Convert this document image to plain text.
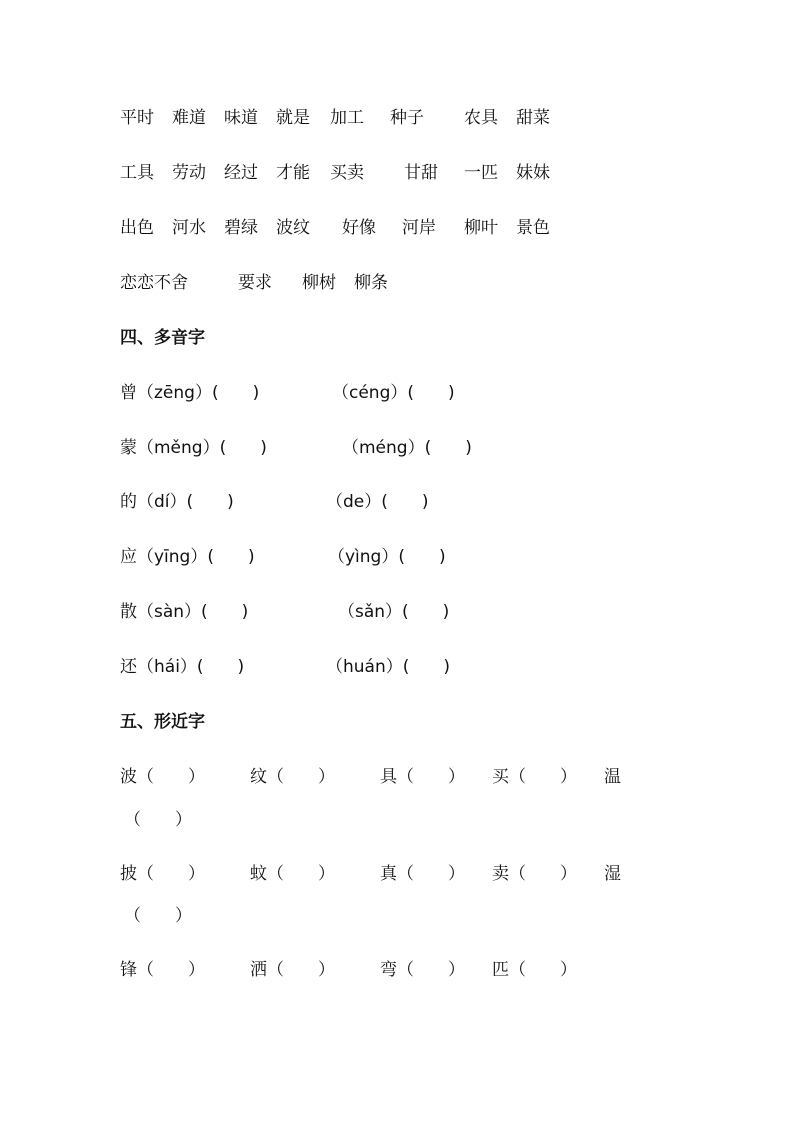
平时 难道 味道 就是 加工 种子 农具 甜菜
工具 劳动 经过 才能 买卖 甘甜 一匹 妹妹
出色 河水 碧绿 波纹 好像 河岸 柳叶 景色
恋恋不舍	要求 柳树 柳条
四、多音字
曾（zēng）(　　)	（céng）(　　)
蒙（měng）(　　)	（méng）(　　)
的（dí）(　　)	（de）(　　)
应（yīng）(　　)	（yìng）(　　)
散（sàn）(　　)	（sǎn）(　　)
还（hái）(　　)	（huán）(　　)
五、形近字
波（　　）	纹（　　）	具（　　） 买（　　） 温
（　　）
披（　　）	蚊（　　）	真（　　） 卖（　　） 湿
（　　）
锋（　　）	洒（　　）	弯（　　） 匹（　　）
